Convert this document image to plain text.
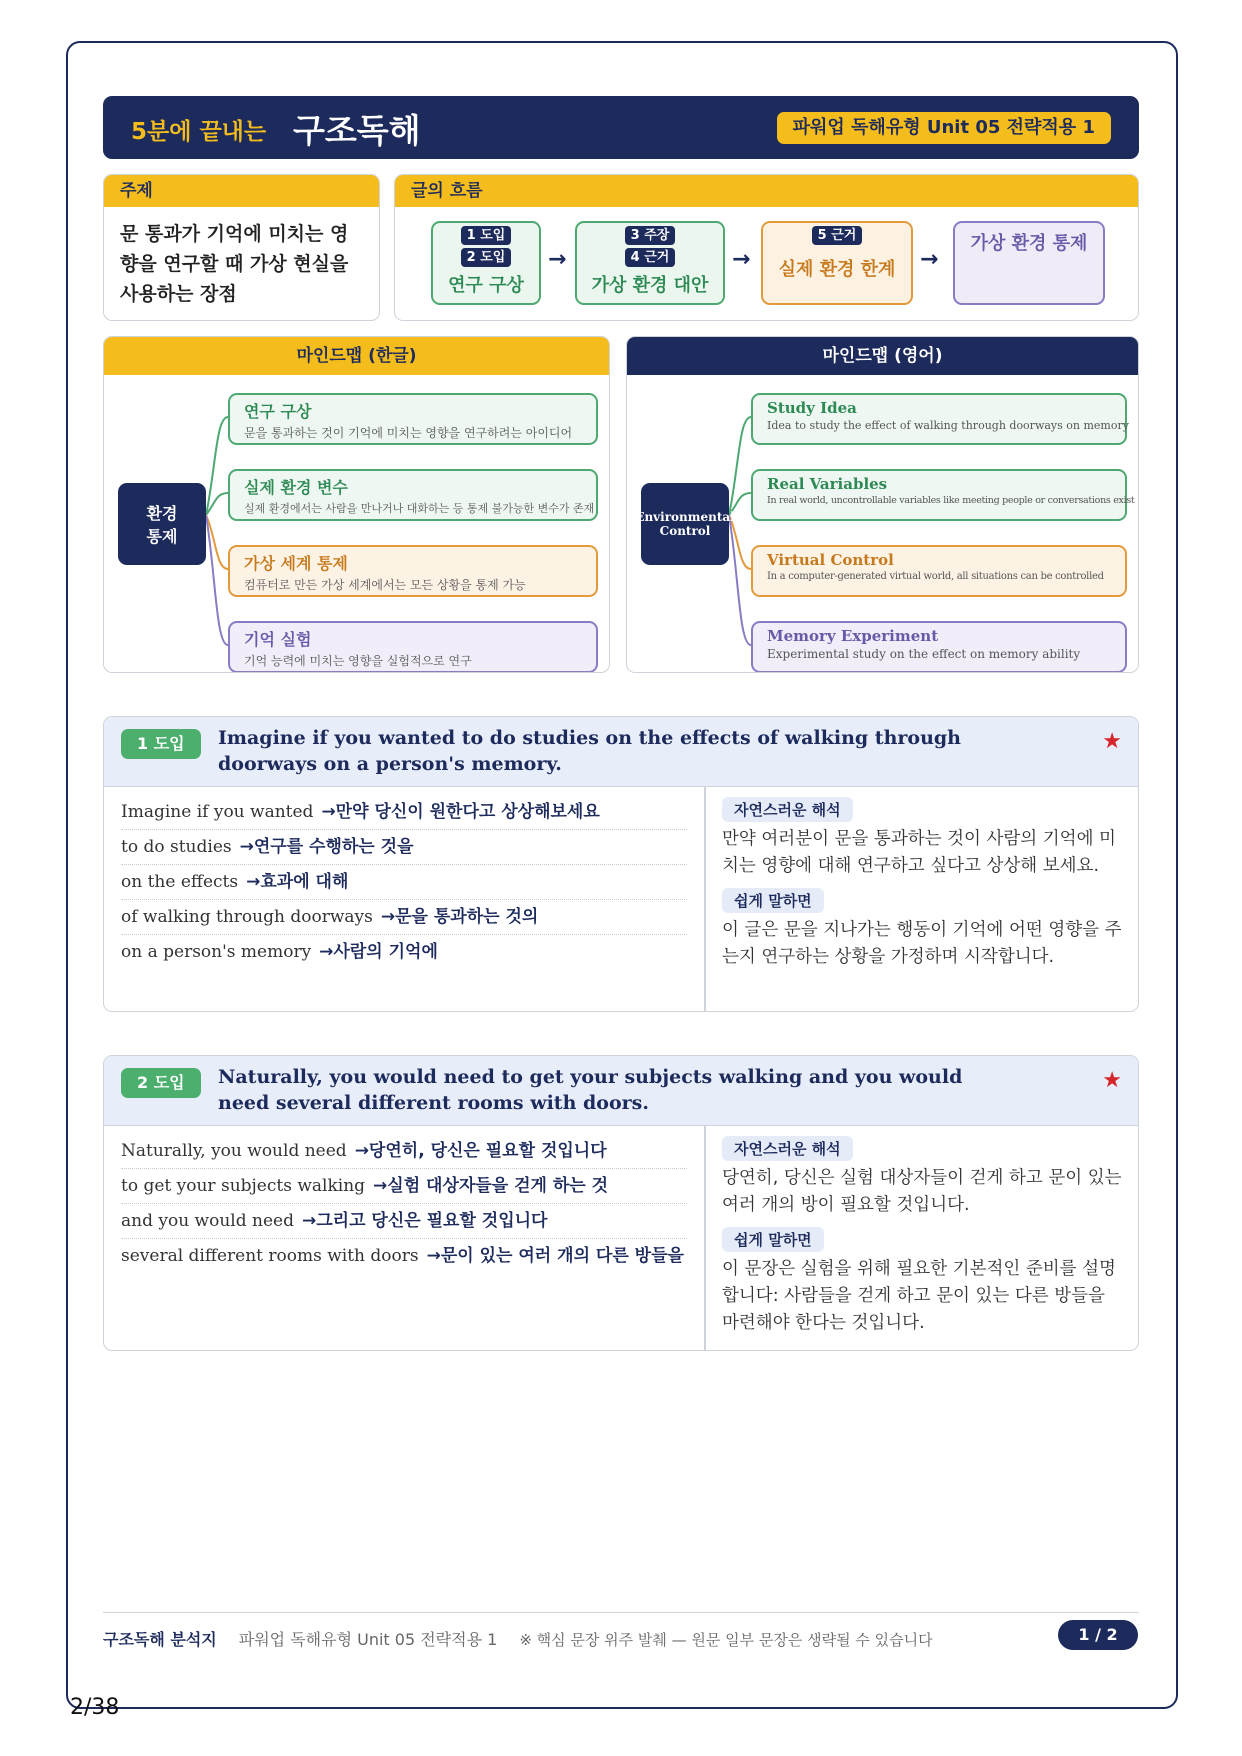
5분에 끝내는 구조독해	파워업 독해유형 Unit 05 전략적용 1
주제
문 통과가 기억에 미치는 영향을 연구할 때 가상 현실을 사용하는 장점
글의 흐름
1 도입
2 도입
연구 구상
→
3 주장
4 근거
가상 환경 대안
→
5 근거
실제 환경 한계	→
가상 환경 통제
마인드맵 (한글)
환경
통제
연구 구상
문을 통과하는 것이 기억에 미치는 영향을 연구하려는 아이디어
실제 환경 변수
실제 환경에서는 사람을 만나거나 대화하는 등 통제 불가능한 변수가 존재
가상 세계 통제
컴퓨터로 만든 가상 세계에서는 모든 상황을 통제 가능
기억 실험
기억 능력에 미치는 영향을 실험적으로 연구
마인드맵 (영어)
Environmental
Control
Study Idea
Idea to study the effect of walking through doorways on memory
Real Variables
In real world, uncontrollable variables like meeting people or conversations exist
Virtual Control
In a computer-generated virtual world, all situations can be controlled
Memory Experiment
Experimental study on the effect on memory ability
1 도입	Imagine if you wanted to do studies on the effects of walking through doorways on a person's memory.
★
Imagine if you wanted →만약 당신이 원한다고 상상해보세요
to do studies →연구를 수행하는 것을
on the effects →효과에 대해
of walking through doorways →문을 통과하는 것의
on a person's memory →사람의 기억에
자연스러운 해석
만약 여러분이 문을 통과하는 것이 사람의 기억에 미치는 영향에 대해 연구하고 싶다고 상상해 보세요.
쉽게 말하면
이 글은 문을 지나가는 행동이 기억에 어떤 영향을 주는지 연구하는 상황을 가정하며 시작합니다.
2 도입	Naturally, you would need to get your subjects walking and you would need several different rooms with doors.
★
Naturally, you would need →당연히, 당신은 필요할 것입니다
to get your subjects walking →실험 대상자들을 걷게 하는 것
and you would need →그리고 당신은 필요할 것입니다
several different rooms with doors →문이 있는 여러 개의 다른 방들을
자연스러운 해석
당연히, 당신은 실험 대상자들이 걷게 하고 문이 있는 여러 개의 방이 필요할 것입니다.
쉽게 말하면
이 문장은 실험을 위해 필요한 기본적인 준비를 설명합니다: 사람들을 걷게 하고 문이 있는 다른 방들을 마련해야 한다는 것입니다.
구조독해 분석지 파워업 독해유형 Unit 05 전략적용 1 ※ 핵심 문장 위주 발췌 — 원문 일부 문장은 생략될 수 있습니다	1 / 2
2/38
